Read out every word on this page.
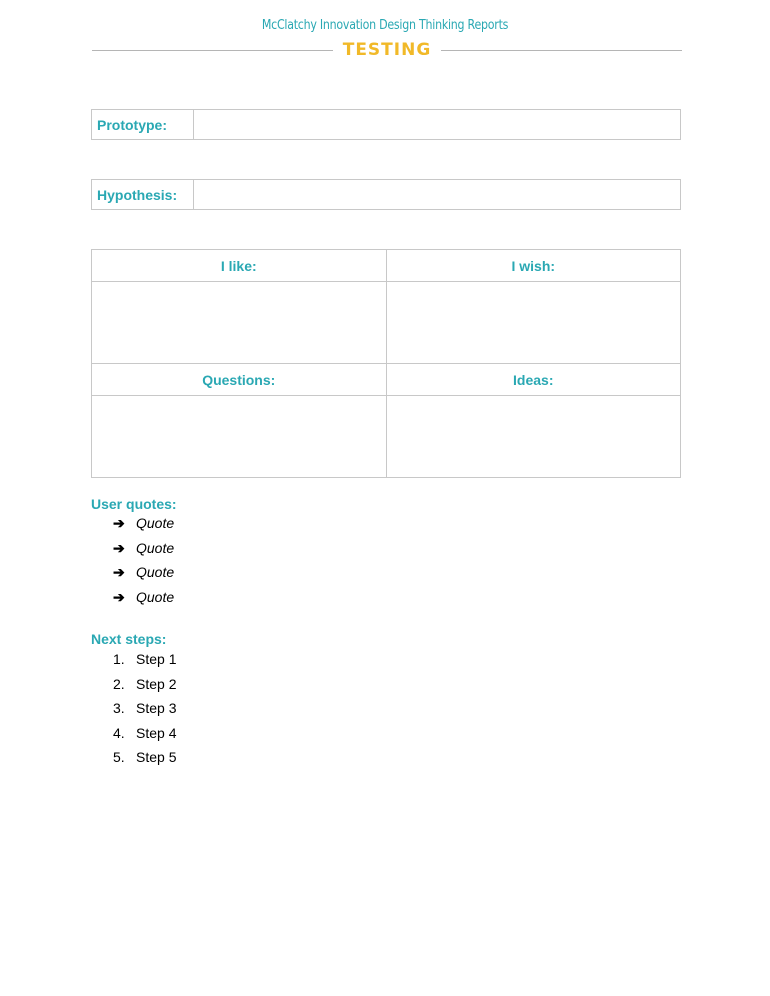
McClatchy Innovation Design Thinking Reports
TESTING
Prototype:	
Hypothesis:	
I like:	I wish:

Questions:	Ideas:

User quotes:
➔ Quote
➔ Quote
➔ Quote
➔ Quote
Next steps:
1. Step 1
2. Step 2
3. Step 3
4. Step 4
5. Step 5
